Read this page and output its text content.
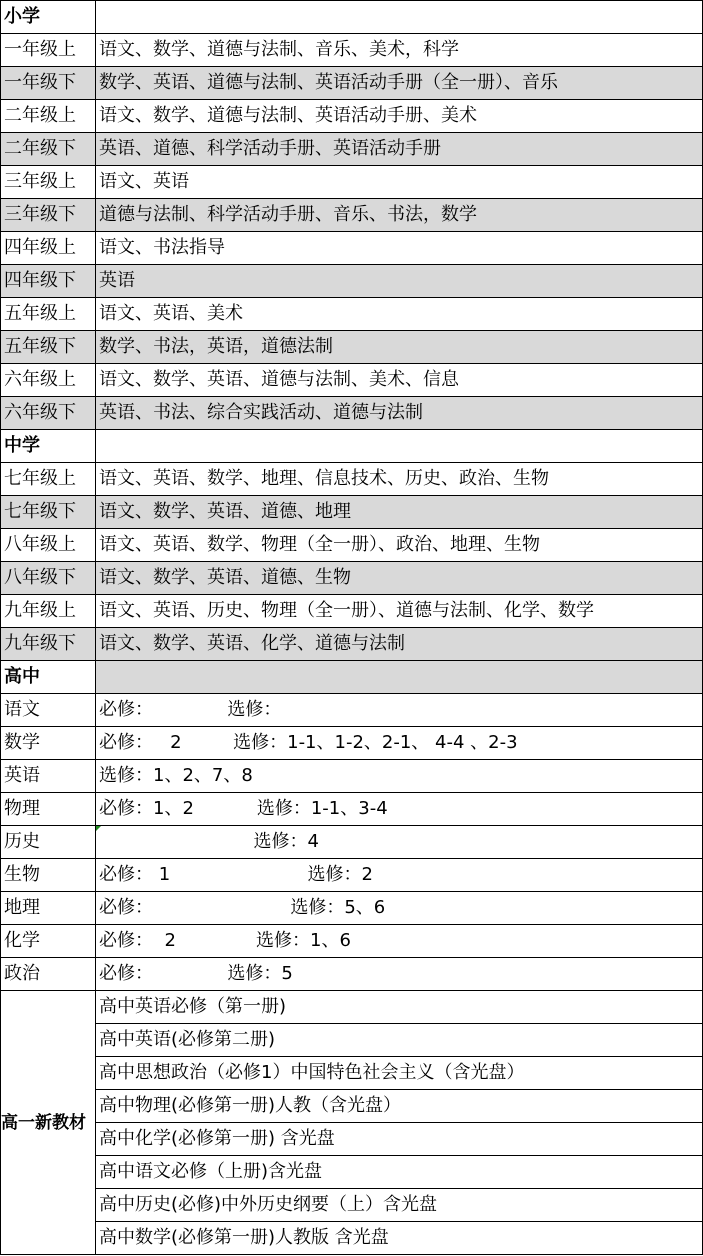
小学	
一年级上	语文、数学、道德与法制、音乐、美术，科学
一年级下	数学、英语、道德与法制、英语活动手册（全一册）、音乐
二年级上	语文、数学、道德与法制、英语活动手册、美术
二年级下	英语、道德、科学活动手册、英语活动手册
三年级上	语文、英语
三年级下	道德与法制、科学活动手册、音乐、书法，数学
四年级上	语文、书法指导
四年级下	英语
五年级上	语文、英语、美术
五年级下	数学、书法，英语，道德法制
六年级上	语文、数学、英语、道德与法制、美术、信息
六年级下	英语、书法、综合实践活动、道德与法制
中学	
七年级上	语文、英语、数学、地理、信息技术、历史、政治、生物
七年级下	语文、数学、英语、道德、地理
八年级上	语文、英语、数学、物理（全一册）、政治、地理、生物
八年级下	语文、数学、英语、道德、生物
九年级上	语文、英语、历史、物理（全一册）、道德与法制、化学、数学
九年级下	语文、数学、英语、化学、道德与法制
高中	
语文	必修：             选修：
数学	必修：   2         选修：1-1、1-2、2-1、 4-4 、2-3
英语	选修：1、2、7、8
物理	必修：1、2           选修：1-1、3-4
历史	选修：4
生物	必修： 1                        选修：2
地理	必修：                        选修：5、6
化学	必修：  2              选修：1、6
政治	必修：             选修：5
高一新教材	高中英语必修（第一册)
	高中英语(必修第二册)
	高中思想政治（必修1）中国特色社会主义（含光盘）
	高中物理(必修第一册)人教（含光盘）
	高中化学(必修第一册) 含光盘
	高中语文必修（上册)含光盘
	高中历史(必修)中外历史纲要（上）含光盘
	高中数学(必修第一册)人教版 含光盘
